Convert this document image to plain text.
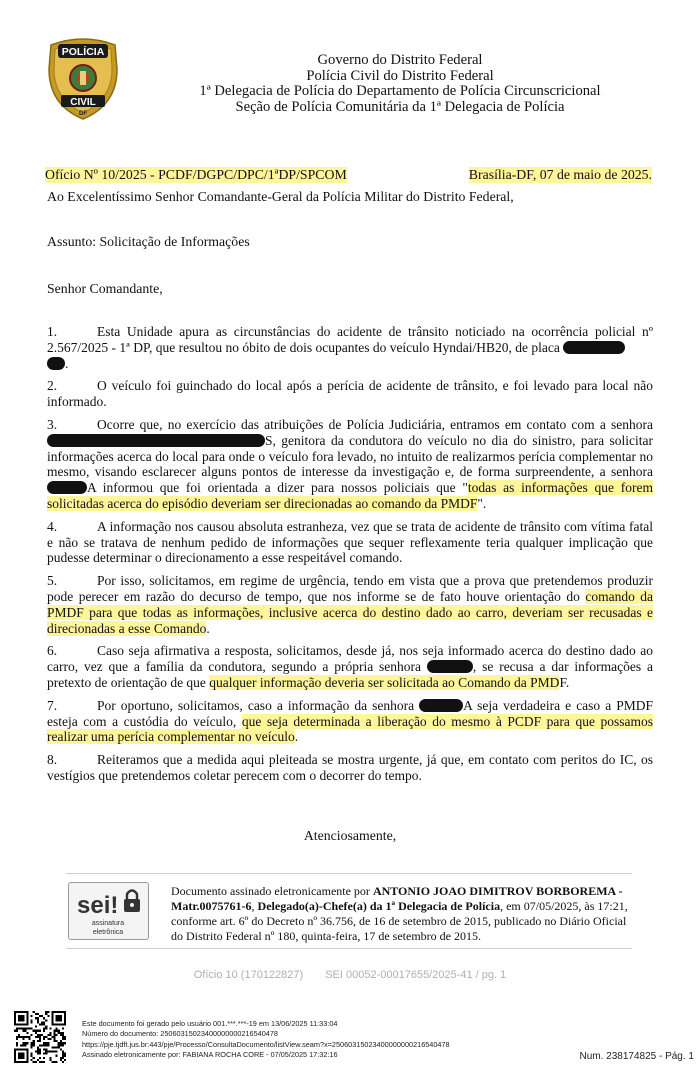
POLÍCIA
CIVIL
DF
Governo do Distrito Federal
Polícia Civil do Distrito Federal
1ª Delegacia de Polícia do Departamento de Polícia Circunscricional
Seção de Polícia Comunitária da 1ª Delegacia de Polícia
Ofício Nº 10/2025 - PCDF/DGPC/DPC/1ªDP/SPCOM	Brasília-DF, 07 de maio de 2025.
Ao Excelentíssimo Senhor Comandante-Geral da Polícia Militar do Distrito Federal,
Assunto: Solicitação de Informações
Senhor Comandante,

1.	Esta Unidade apura as circunstâncias do acidente de trânsito noticiado na ocorrência policial nº 2.567/2025 - 1ª DP, que resultou no óbito de dois ocupantes do veículo Hyndai/HB20, de placa
.

2.	O veículo foi guinchado do local após a perícia de acidente de trânsito, e foi levado para local não informado.

3.	Ocorre que, no exercício das atribuições de Polícia Judiciária, entramos em contato com a senhora S, genitora da condutora do veículo no dia do sinistro, para solicitar informações acerca do local para onde o veículo fora levado, no intuito de realizarmos perícia complementar no mesmo, visando esclarecer alguns pontos de interesse da investigação e, de forma surpreendente, a senhora A informou que foi orientada a dizer para nossos policiais que "todas as informações que forem solicitadas acerca do episódio deveriam ser direcionadas ao comando da PMDF".

4.	A informação nos causou absoluta estranheza, vez que se trata de acidente de trânsito com vítima fatal e não se tratava de nenhum pedido de informações que sequer reflexamente teria qualquer implicação que pudesse determinar o direcionamento a esse respeitável comando.

5.	Por isso, solicitamos, em regime de urgência, tendo em vista que a prova que pretendemos produzir pode perecer em razão do decurso de tempo, que nos informe se de fato houve orientação do comando da PMDF para que todas as informações, inclusive acerca do destino dado ao carro, deveriam ser recusadas e direcionadas a esse Comando.

6.	Caso seja afirmativa a resposta, solicitamos, desde já, nos seja informado acerca do destino dado ao carro, vez que a família da condutora, segundo a própria senhora	, se recusa a dar informações a pretexto de orientação de que qualquer informação deveria ser solicitada ao Comando da PMDF.

7.	Por oportuno, solicitamos, caso a informação da senhora	A seja verdadeira e caso a PMDF esteja com a custódia do veículo, que seja determinada a liberação do mesmo à PCDF para que possamos realizar uma perícia complementar no veículo.

8.	Reiteramos que a medida aqui pleiteada se mostra urgente, já que, em contato com peritos do IC, os vestígios que pretendemos coletar perecem com o decorrer do tempo.

Atenciosamente,
sei!
assinatura
eletrônica
Documento assinado eletronicamente por ANTONIO JOAO DIMITROV BORBOREMA - Matr.0075761-6, Delegado(a)-Chefe(a) da 1ª Delegacia de Polícia, em 07/05/2025, às 17:21, conforme art. 6º do Decreto nº 36.756, de 16 de setembro de 2015, publicado no Diário Oficial do Distrito Federal nº 180, quinta-feira, 17 de setembro de 2015.
Ofício 10 (170122827) SEI 00052-00017655/2025-41 / pg. 1
Este documento foi gerado pelo usuário 001.***.***-19 em 13/06/2025 11:33:04
Número do documento: 25060315023400000000216540478
https://pje.tjdft.jus.br:443/pje/Processo/ConsultaDocumento/listView.seam?x=25060315023400000000216540478
Assinado eletronicamente por: FABIANA ROCHA CORE - 07/05/2025 17:32:16	Num. 238174825 - Pág. 1
